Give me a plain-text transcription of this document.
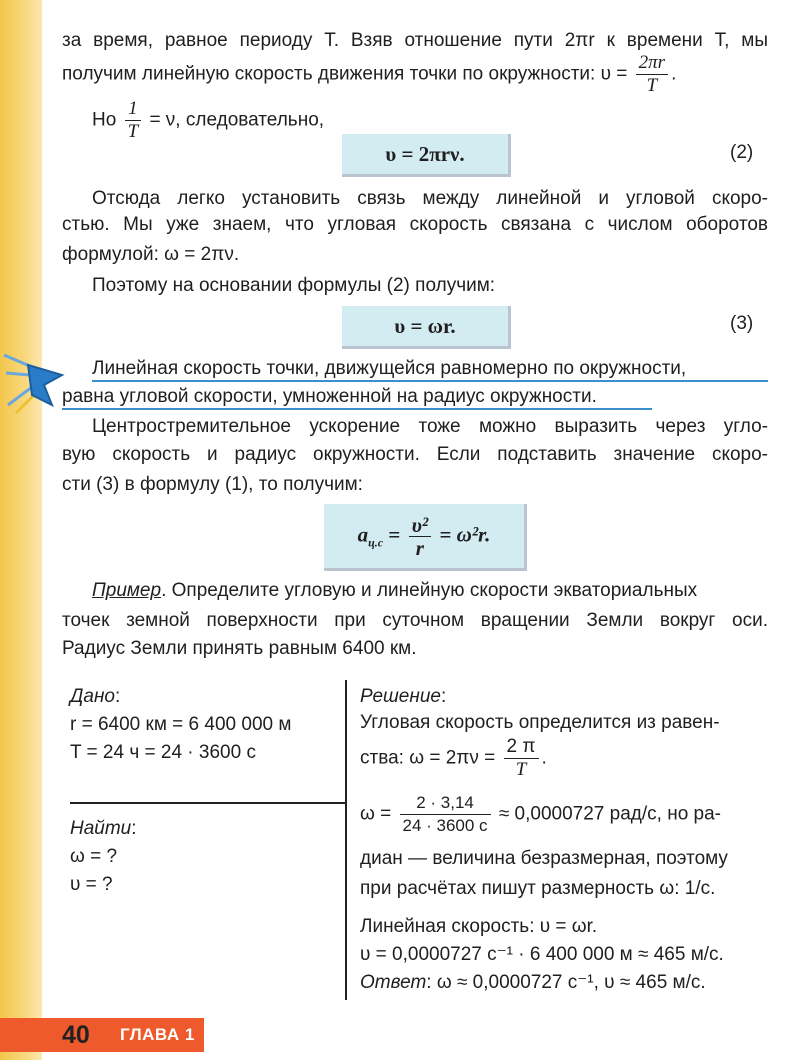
за время, равное периоду T. Взяв отношение пути 2πr к времени T, мы
получим линейную скорость движения точки по окружности: $\upsilon = \frac{2\pi r}{T}$ .
Но $\frac{1}{T} = \nu$, следовательно,
υ = 2πrν.	(2)
Отсюда легко установить связь между линейной и угловой скоро-
стью. Мы уже знаем, что угловая скорость связана с числом оборотов
формулой: ω = 2πν.
Поэтому на основании формулы (2) получим:
υ = ωr.	(3)
Линейная скорость точки, движущейся равномерно по окружности,
равна угловой скорости, умноженной на радиус окружности.
Центростремительное ускорение тоже можно выразить через угло-
вую скорость и радиус окружности. Если подставить значение скоро-
сти (3) в формулу (1), то получим:
$a_{ц.с} = \frac{\text{υ²}}{r} = \omega^2r$.
Пример. Определите угловую и линейную скорости экваториальных
точек земной поверхности при суточном вращении Земли вокруг оси.
Радиус Земли принять равным 6400 км.
Дано:
r = 6400 км = 6 400 000 м
T = 24 ч = 24 · 3600 с
Найти:
ω = ?
υ = ?
Решение:
Угловая скорость определится из равен-
ства: $\omega = 2\pi\nu = \frac{2 \pi}{T}$ .
$\omega = \frac{2 \cdot 3,14}{24 \cdot 3600 с} \approx 0,0000727$ рад/с, но ра-
диан — величина безразмерная, поэтому
при расчётах пишут размерность ω: 1/с.
Линейная скорость: υ = ωr.
υ = 0,0000727 с⁻¹ · 6 400 000 м ≈ 465 м/с.
Ответ: ω ≈ 0,0000727 с⁻¹, υ ≈ 465 м/с.
40 ГЛАВА 1
